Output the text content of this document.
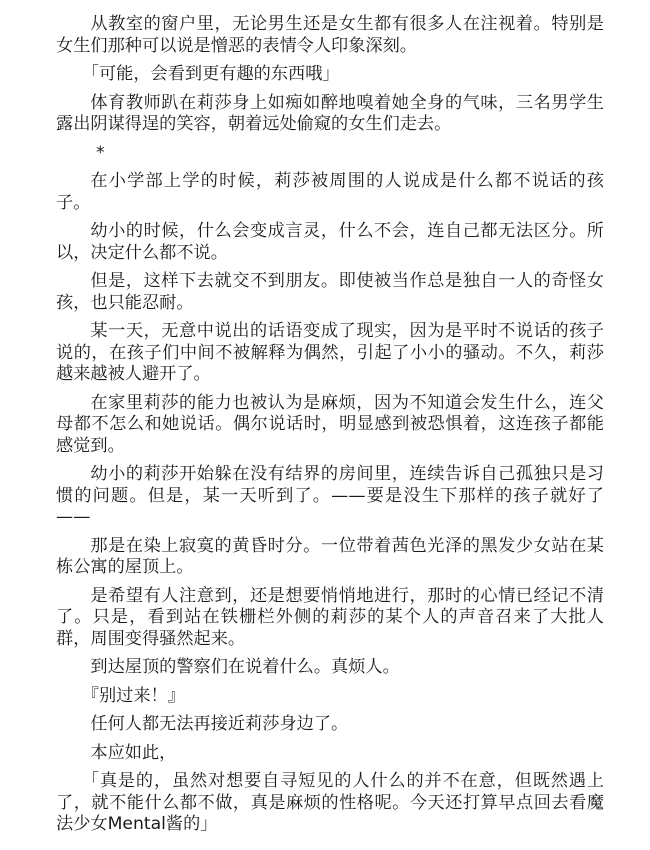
从教室的窗户里，无论男生还是女生都有很多人在注视着。特别是女生们那种可以说是憎恶的表情令人印象深刻。

「可能，会看到更有趣的东西哦」

体育教师趴在莉莎身上如痴如醉地嗅着她全身的气味，三名男学生露出阴谋得逞的笑容，朝着远处偷窥的女生们走去。

*

在小学部上学的时候，莉莎被周围的人说成是什么都不说话的孩子。

幼小的时候，什么会变成言灵，什么不会，连自己都无法区分。所以，决定什么都不说。

但是，这样下去就交不到朋友。即使被当作总是独自一人的奇怪女孩，也只能忍耐。

某一天，无意中说出的话语变成了现实，因为是平时不说话的孩子说的，在孩子们中间不被解释为偶然，引起了小小的骚动。不久，莉莎越来越被人避开了。

在家里莉莎的能力也被认为是麻烦，因为不知道会发生什么，连父母都不怎么和她说话。偶尔说话时，明显感到被恐惧着，这连孩子都能感觉到。

幼小的莉莎开始躲在没有结界的房间里，连续告诉自己孤独只是习惯的问题。但是，某一天听到了。——要是没生下那样的孩子就好了——

那是在染上寂寞的黄昏时分。一位带着茜色光泽的黑发少女站在某栋公寓的屋顶上。

是希望有人注意到，还是想要悄悄地进行，那时的心情已经记不清了。只是，看到站在铁栅栏外侧的莉莎的某个人的声音召来了大批人群，周围变得骚然起来。

到达屋顶的警察们在说着什么。真烦人。

『别过来！』

任何人都无法再接近莉莎身边了。

本应如此，

「真是的，虽然对想要自寻短见的人什么的并不在意，但既然遇上了，就不能什么都不做，真是麻烦的性格呢。今天还打算早点回去看魔法少女Mental酱的」
